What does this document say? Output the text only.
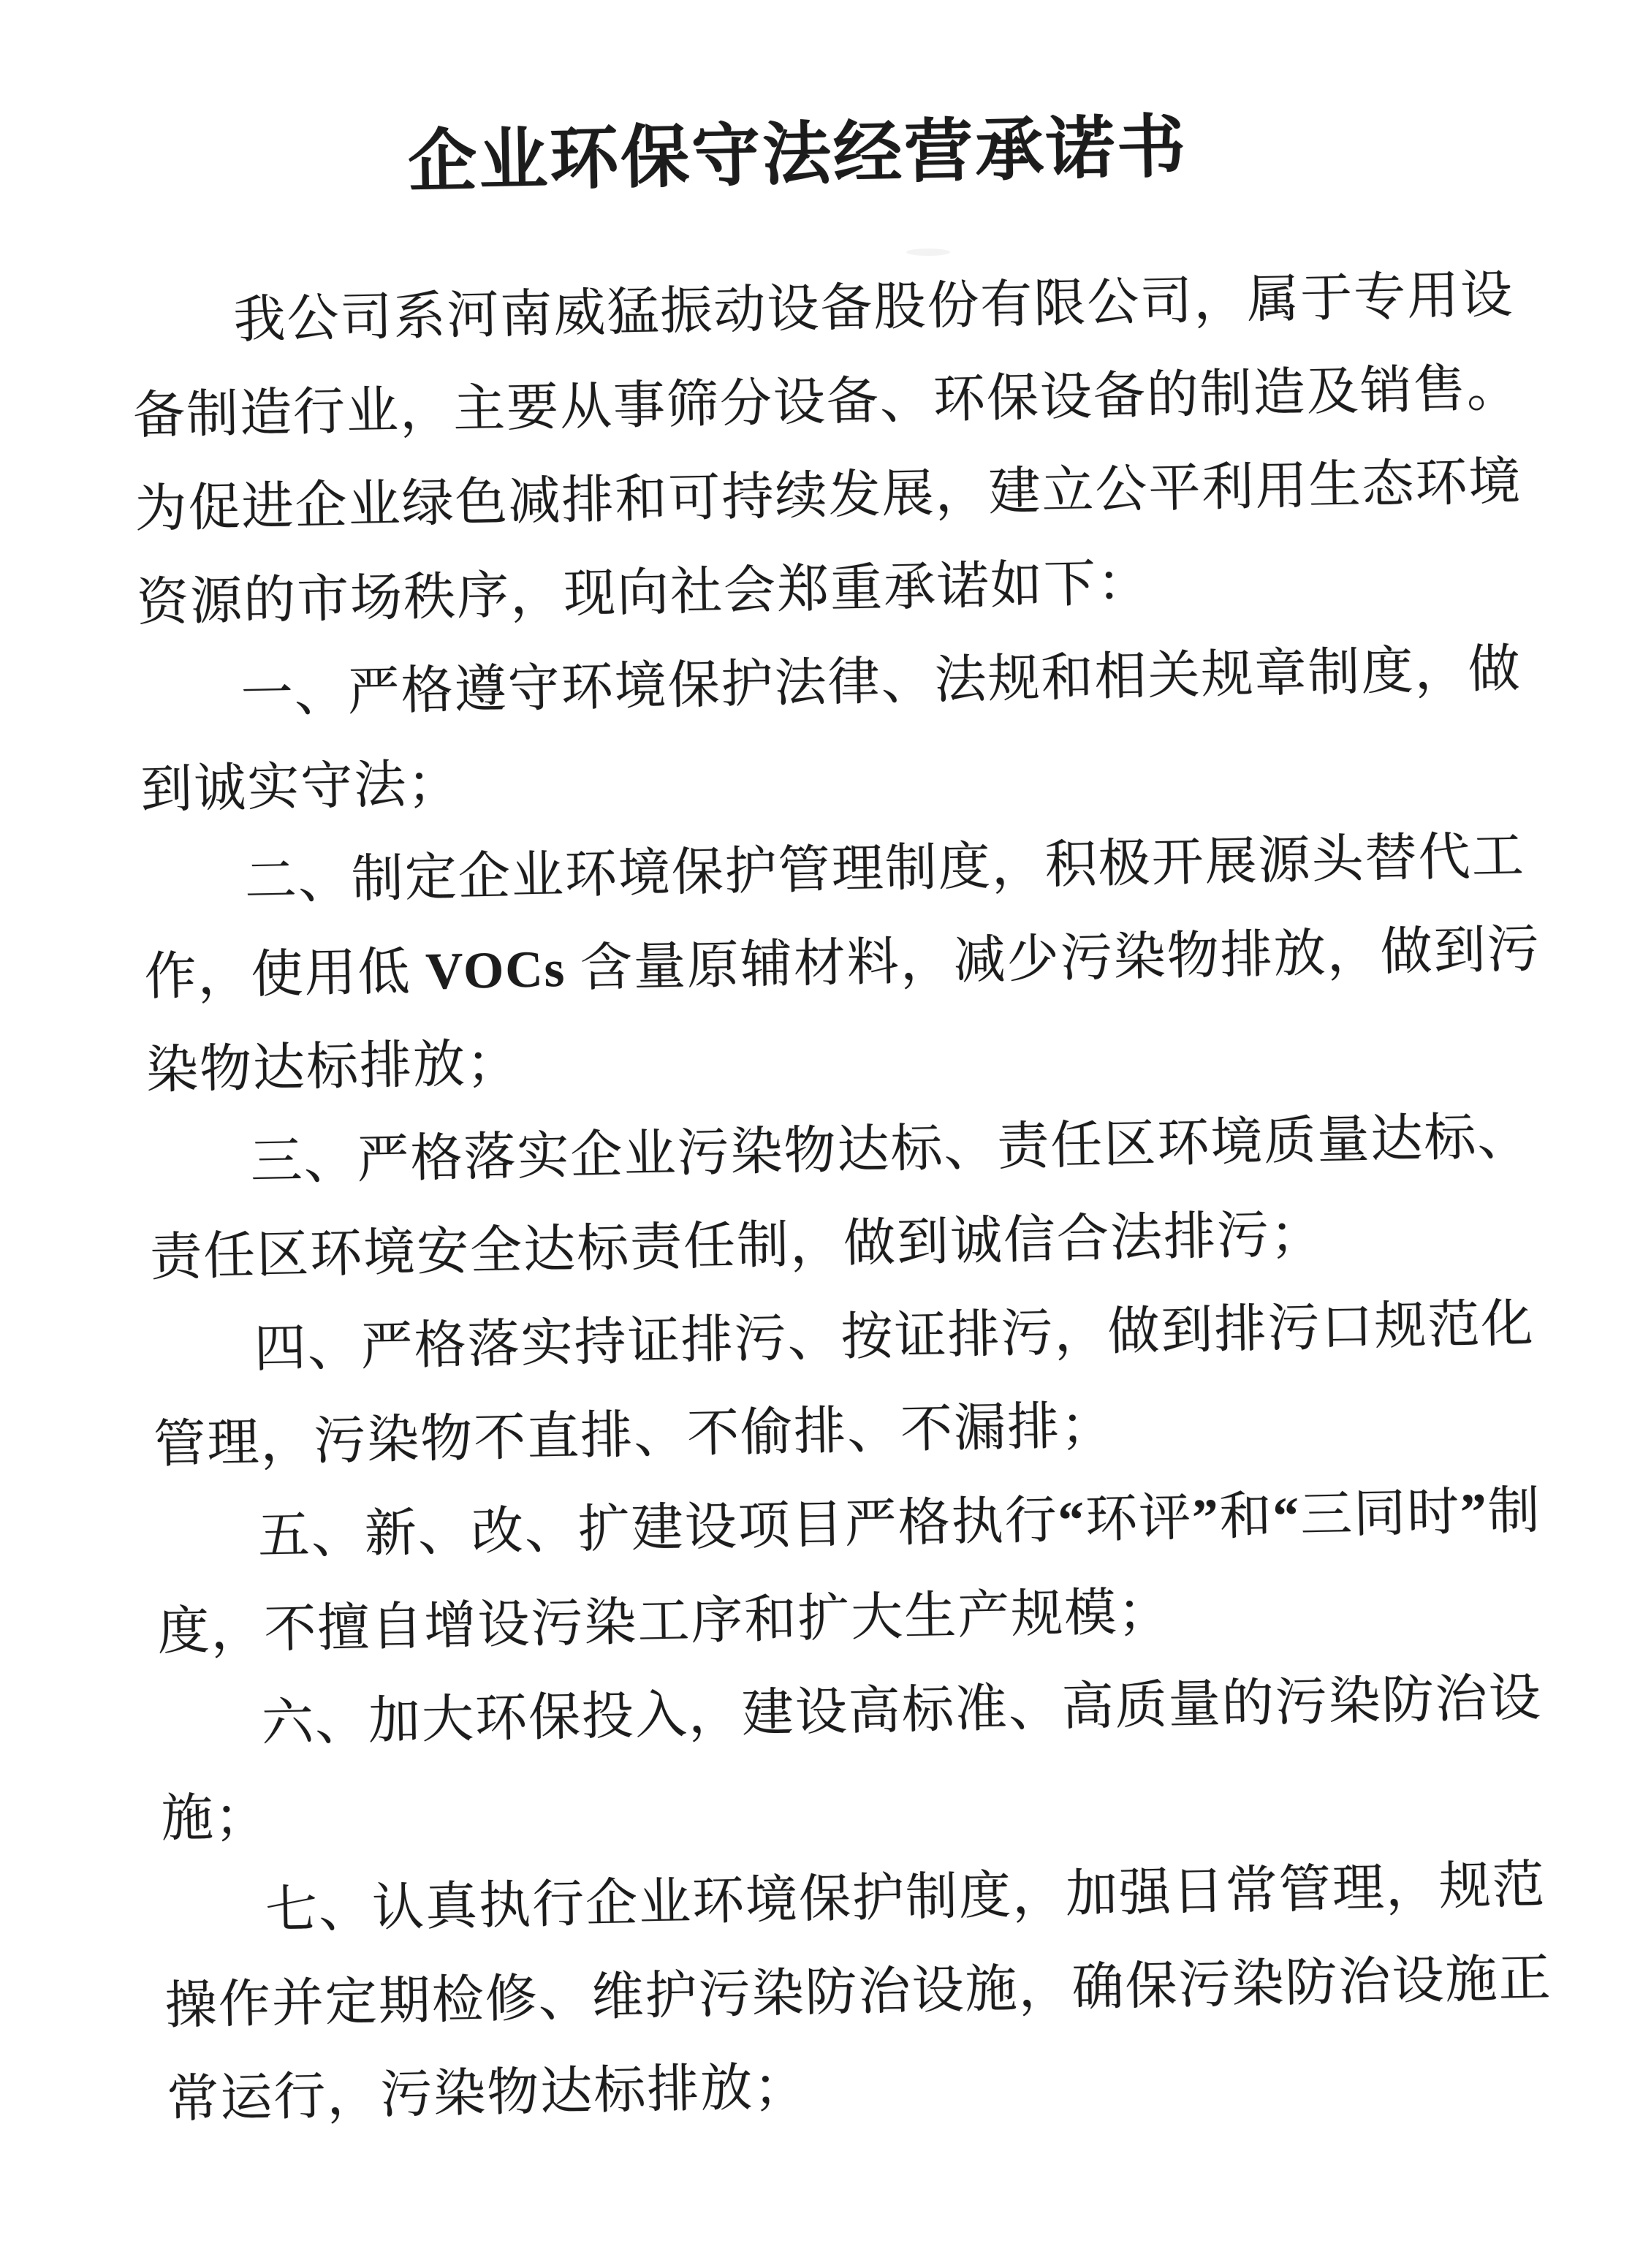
企业环保守法经营承诺书

我公司系河南威猛振动设备股份有限公司，属于专用设

备制造行业，主要从事筛分设备、环保设备的制造及销售。

为促进企业绿色减排和可持续发展，建立公平利用生态环境

资源的市场秩序，现向社会郑重承诺如下：

一、严格遵守环境保护法律、法规和相关规章制度，做

到诚实守法；

二、制定企业环境保护管理制度，积极开展源头替代工

作，使用低 VOCs 含量原辅材料，减少污染物排放，做到污

染物达标排放；

三、严格落实企业污染物达标、责任区环境质量达标、

责任区环境安全达标责任制，做到诚信合法排污；

四、严格落实持证排污、按证排污，做到排污口规范化

管理，污染物不直排、不偷排、不漏排；

五、新、改、扩建设项目严格执行“环评”和“三同时”制

度，不擅自增设污染工序和扩大生产规模；

六、加大环保投入，建设高标准、高质量的污染防治设

施；

七、认真执行企业环境保护制度，加强日常管理，规范

操作并定期检修、维护污染防治设施，确保污染防治设施正

常运行，污染物达标排放；
